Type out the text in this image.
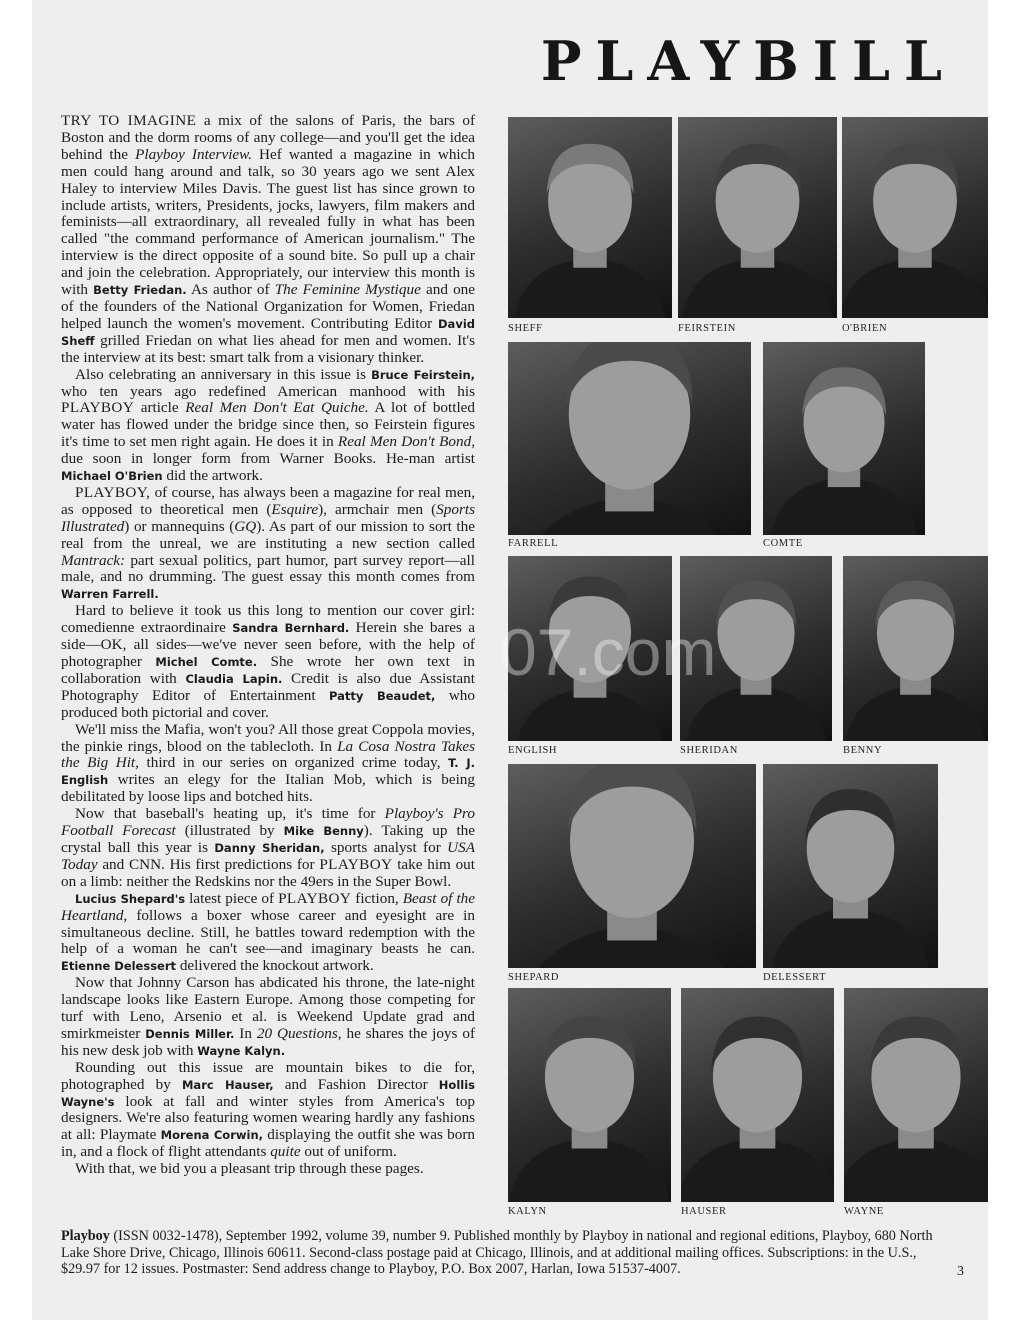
PLAYBILL

TRY TO IMAGINE a mix of the salons of Paris, the bars of Boston and the dorm rooms of any college—and you'll get the idea behind the Playboy Interview. Hef wanted a magazine in which men could hang around and talk, so 30 years ago we sent Alex Haley to interview Miles Davis. The guest list has since grown to include artists, writers, Presidents, jocks, lawyers, film makers and feminists—all extraordinary, all revealed fully in what has been called "the command performance of American journalism." The interview is the direct opposite of a sound bite. So pull up a chair and join the celebration. Appropriately, our interview this month is with Betty Friedan. As author of The Feminine Mystique and one of the founders of the National Organization for Women, Friedan helped launch the women's movement. Contributing Editor David Sheff grilled Friedan on what lies ahead for men and women. It's the interview at its best: smart talk from a visionary thinker.

Also celebrating an anniversary in this issue is Bruce Feirstein, who ten years ago redefined American manhood with his PLAYBOY article Real Men Don't Eat Quiche. A lot of bottled water has flowed under the bridge since then, so Feirstein figures it's time to set men right again. He does it in Real Men Don't Bond, due soon in longer form from Warner Books. He-man artist Michael O'Brien did the artwork.

PLAYBOY, of course, has always been a magazine for real men, as opposed to theoretical men (Esquire), armchair men (Sports Illustrated) or mannequins (GQ). As part of our mission to sort the real from the unreal, we are instituting a new section called Mantrack: part sexual politics, part humor, part survey report—all male, and no drumming. The guest essay this month comes from Warren Farrell.

Hard to believe it took us this long to mention our cover girl: comedienne extraordinaire Sandra Bernhard. Herein she bares a side—OK, all sides—we've never seen before, with the help of photographer Michel Comte. She wrote her own text in collaboration with Claudia Lapin. Credit is also due Assistant Photography Editor of Entertainment Patty Beaudet, who produced both pictorial and cover.

We'll miss the Mafia, won't you? All those great Coppola movies, the pinkie rings, blood on the tablecloth. In La Cosa Nostra Takes the Big Hit, third in our series on organized crime today, T. J. English writes an elegy for the Italian Mob, which is being debilitated by loose lips and botched hits.

Now that baseball's heating up, it's time for Playboy's Pro Football Forecast (illustrated by Mike Benny). Taking up the crystal ball this year is Danny Sheridan, sports analyst for USA Today and CNN. His first predictions for PLAYBOY take him out on a limb: neither the Redskins nor the 49ers in the Super Bowl.

Lucius Shepard's latest piece of PLAYBOY fiction, Beast of the Heartland, follows a boxer whose career and eyesight are in simultaneous decline. Still, he battles toward redemption with the help of a woman he can't see—and imaginary beasts he can. Etienne Delessert delivered the knockout artwork.

Now that Johnny Carson has abdicated his throne, the late-night landscape looks like Eastern Europe. Among those competing for turf with Leno, Arsenio et al. is Weekend Update grad and smirkmeister Dennis Miller. In 20 Questions, he shares the joys of his new desk job with Wayne Kalyn.

Rounding out this issue are mountain bikes to die for, photographed by Marc Hauser, and Fashion Director Hollis Wayne's look at fall and winter styles from America's top designers. We're also featuring women wearing hardly any fashions at all: Playmate Morena Corwin, displaying the outfit she was born in, and a flock of flight attendants quite out of uniform.

With that, we bid you a pleasant trip through these pages.

SHEFF	FEIRSTEIN	O'BRIEN
FARRELL	COMTE
ENGLISH	SHERIDAN	BENNY
SHEPARD	DELESSERT
KALYN	HAUSER	WAYNE
07.com
Playboy (ISSN 0032-1478), September 1992, volume 39, number 9. Published monthly by Playboy in national and regional editions, Playboy, 680 North Lake Shore Drive, Chicago, Illinois 60611. Second-class postage paid at Chicago, Illinois, and at additional mailing offices. Subscriptions: in the U.S., $29.97 for 12 issues. Postmaster: Send address change to Playboy, P.O. Box 2007, Harlan, Iowa 51537-4007.	3
